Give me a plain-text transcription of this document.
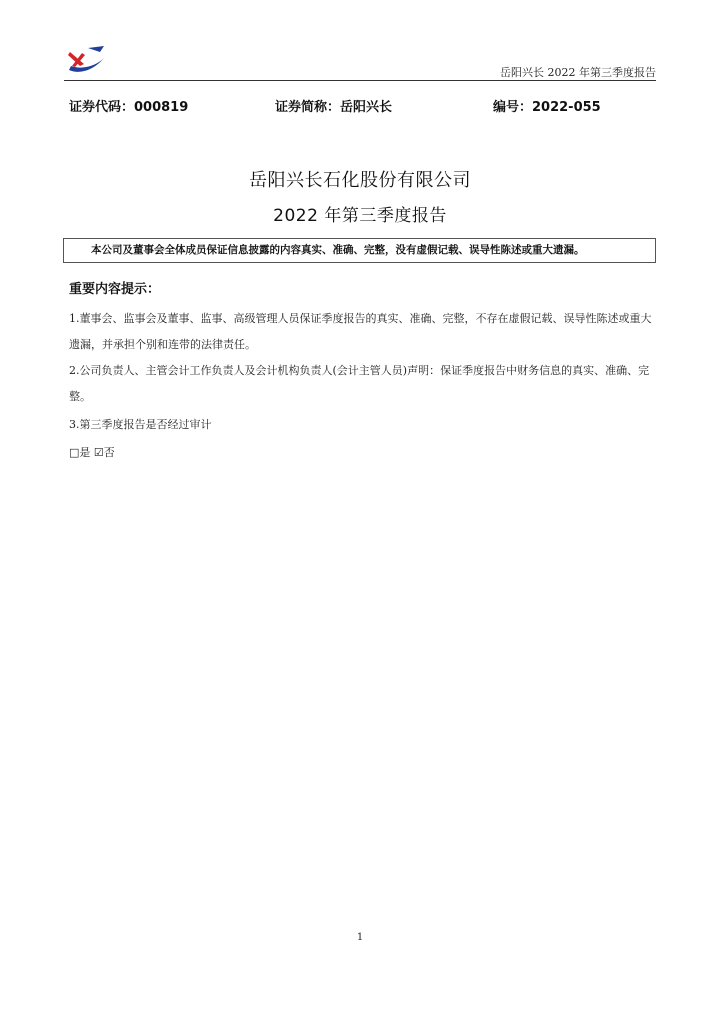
岳阳兴长 2022 年第三季度报告
证券代码：000819	证券简称：岳阳兴长	编号：2022-055
岳阳兴长石化股份有限公司
2022 年第三季度报告
本公司及董事会全体成员保证信息披露的内容真实、准确、完整，没有虚假记载、误导性陈述或重大遗漏。
重要内容提示：
1.董事会、监事会及董事、监事、高级管理人员保证季度报告的真实、准确、完整，不存在虚假记载、误导性陈述或重大遗漏，并承担个别和连带的法律责任。
2.公司负责人、主管会计工作负责人及会计机构负责人(会计主管人员)声明：保证季度报告中财务信息的真实、准确、完整。
3.第三季度报告是否经过审计
□是 ☑否
1
